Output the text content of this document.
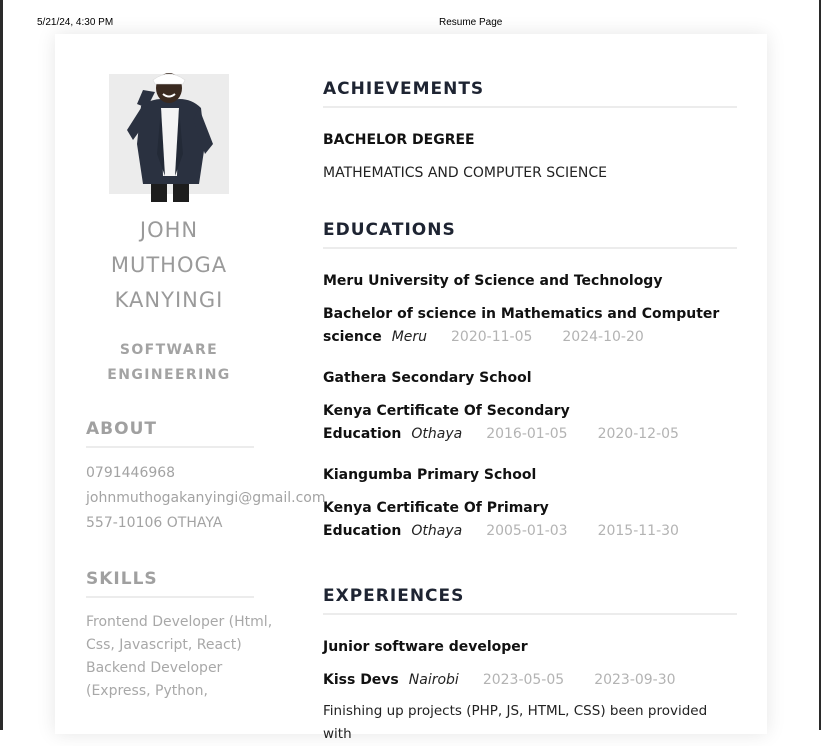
5/21/24, 4:30 PM	Resume Page
JOHN
MUTHOGA
KANYINGI
SOFTWARE
ENGINEERING
ABOUT
0791446968
johnmuthogakanyingi@gmail.com
557-10106 OTHAYA
SKILLS
Frontend Developer (Html, Css, Javascript, React)
Backend Developer (Express, Python,
ACHIEVEMENTS
BACHELOR DEGREE
MATHEMATICS AND COMPUTER SCIENCE
EDUCATIONS
Meru University of Science and Technology
Bachelor of science in Mathematics and Computer
science Meru 2020-11-05 2024-10-20
Gathera Secondary School
Kenya Certificate Of Secondary
Education Othaya 2016-01-05 2020-12-05
Kiangumba Primary School
Kenya Certificate Of Primary
Education Othaya 2005-01-03 2015-11-30
EXPERIENCES
Junior software developer
Kiss Devs Nairobi 2023-05-05 2023-09-30
Finishing up projects (PHP, JS, HTML, CSS) been provided with
